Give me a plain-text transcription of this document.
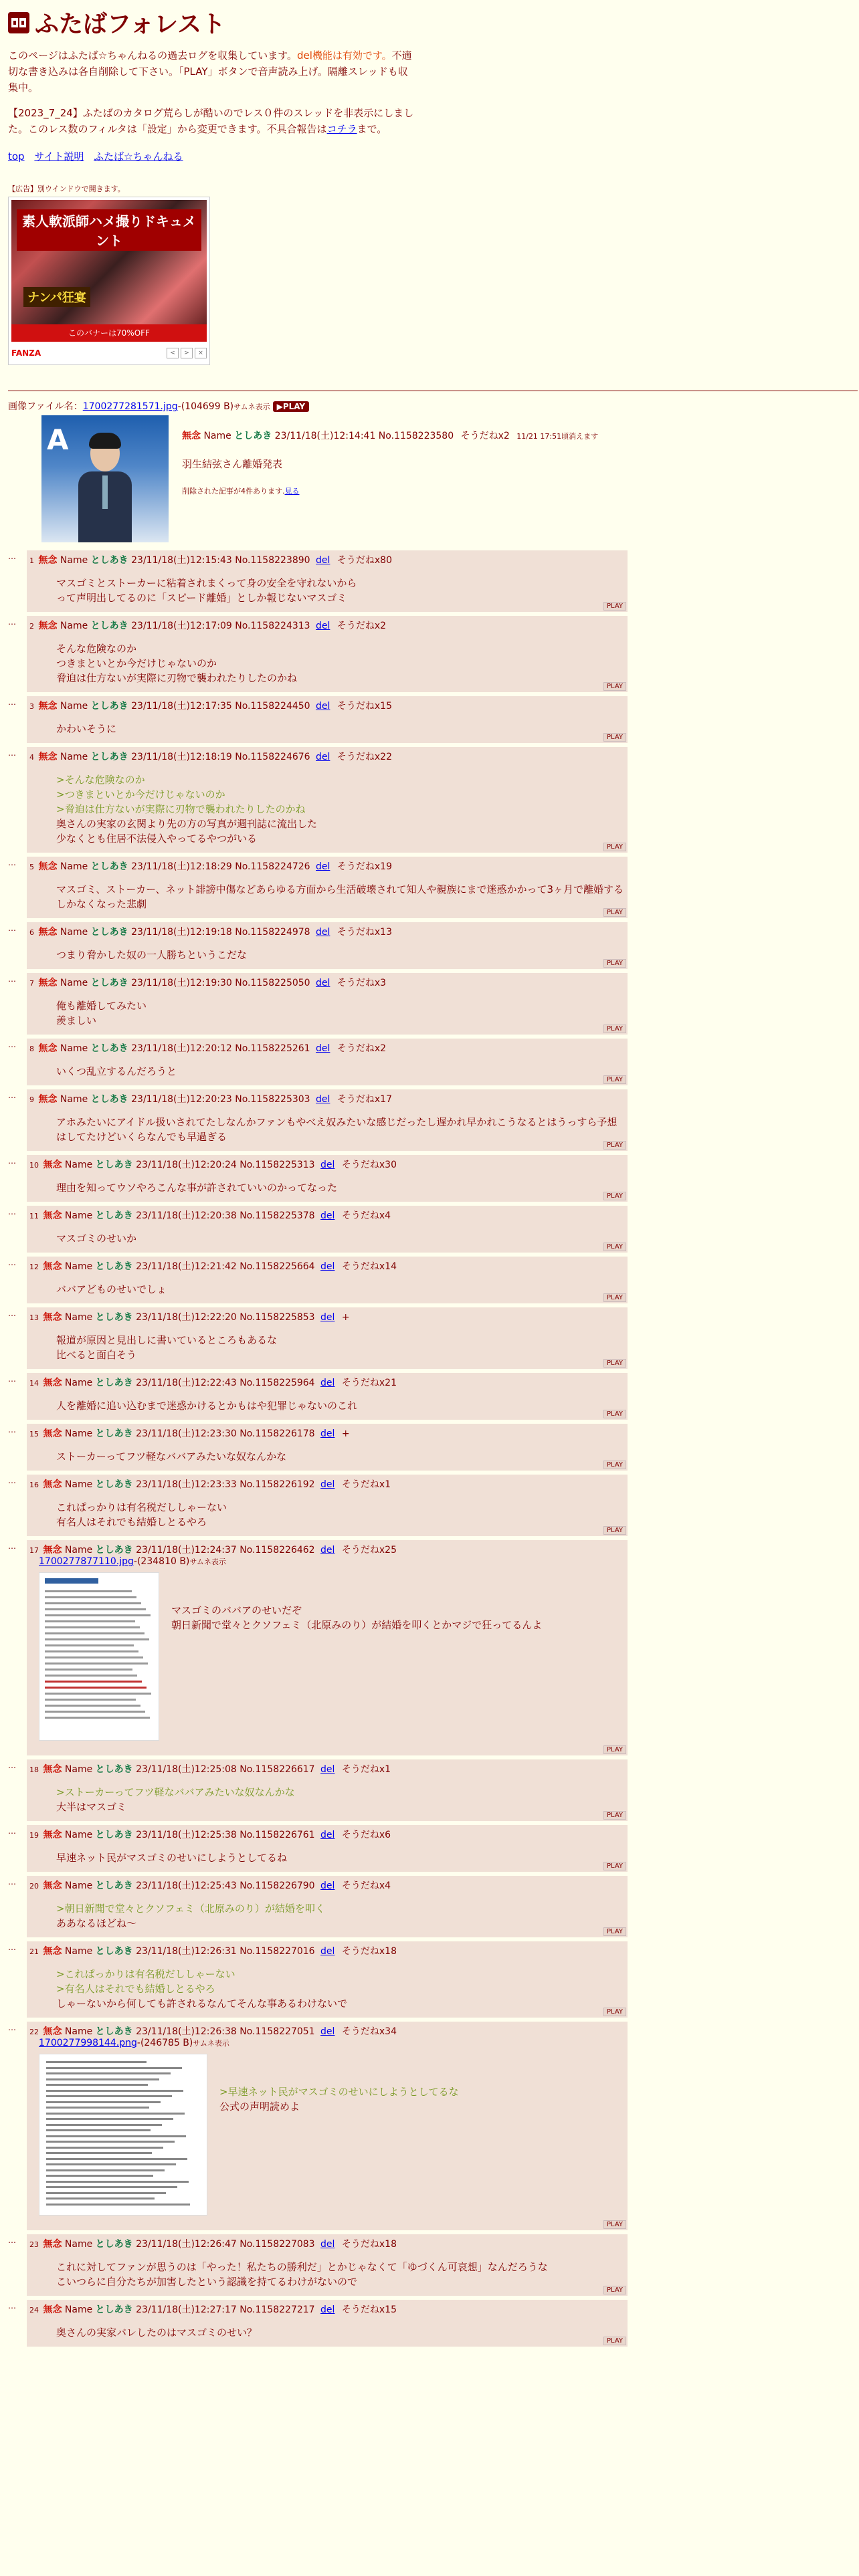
ふたばフォレスト
このページはふたば☆ちゃんねるの過去ログを収集しています。del機能は有効です。不適切な書き込みは各自削除して下さい。「PLAY」ボタンで音声読み上げ。隔離スレッドも収集中。
【2023_7_24】ふたばのカタログ荒らしが酷いのでレス０件のスレッドを非表示にしました。このレス数のフィルタは「設定」から変更できます。不具合報告はコチラまで。
top サイト説明 ふたば☆ちゃんねる
【広告】別ウインドウで開きます。
素人軟派師ハメ撮りドキュメント
ナンパ狂宴
このバナーは70%OFF
FANZA	<	>	×
画像ファイル名：1700277281571.jpg-(104699 B)サムネ表示 ▶PLAY
A	無念 Name としあき 23/11/18(土)12:14:41 No.1158223580 そうだねx2 11/21 17:51頃消えます
羽生結弦さん離婚発表
削除された記事が4件あります.見る
…	1 無念 Name としあき 23/11/18(土)12:15:43 No.1158223890 del そうだねx80
マスゴミとストーカーに粘着されまくって身の安全を守れないから
って声明出してるのに「スピード離婚」としか報じないマスゴミ
PLAY
…	2 無念 Name としあき 23/11/18(土)12:17:09 No.1158224313 del そうだねx2
そんな危険なのか
つきまといとか今だけじゃないのか
脅迫は仕方ないが実際に刃物で襲われたりしたのかね
PLAY
…	3 無念 Name としあき 23/11/18(土)12:17:35 No.1158224450 del そうだねx15
かわいそうに
PLAY
…	4 無念 Name としあき 23/11/18(土)12:18:19 No.1158224676 del そうだねx22
>そんな危険なのか
>つきまといとか今だけじゃないのか
>脅迫は仕方ないが実際に刃物で襲われたりしたのかね
奥さんの実家の玄関より先の方の写真が週刊誌に流出した
少なくとも住居不法侵入やってるやつがいる
PLAY
…	5 無念 Name としあき 23/11/18(土)12:18:29 No.1158224726 del そうだねx19
マスゴミ、ストーカー、ネット誹謗中傷などあらゆる方面から生活破壊されて知人や親族にまで迷惑かかって3ヶ月で離婚するしかなくなった悲劇
PLAY
…	6 無念 Name としあき 23/11/18(土)12:19:18 No.1158224978 del そうだねx13
つまり脅かした奴の一人勝ちというこだな
PLAY
…	7 無念 Name としあき 23/11/18(土)12:19:30 No.1158225050 del そうだねx3
俺も離婚してみたい
羨ましい
PLAY
…	8 無念 Name としあき 23/11/18(土)12:20:12 No.1158225261 del そうだねx2
いくつ乱立するんだろうと
PLAY
…	9 無念 Name としあき 23/11/18(土)12:20:23 No.1158225303 del そうだねx17
アホみたいにアイドル扱いされてたしなんかファンもやべえ奴みたいな感じだったし遅かれ早かれこうなるとはうっすら予想はしてたけどいくらなんでも早過ぎる
PLAY
…	10 無念 Name としあき 23/11/18(土)12:20:24 No.1158225313 del そうだねx30
理由を知ってウソやろこんな事が許されていいのかってなった
PLAY
…	11 無念 Name としあき 23/11/18(土)12:20:38 No.1158225378 del そうだねx4
マスゴミのせいか
PLAY
…	12 無念 Name としあき 23/11/18(土)12:21:42 No.1158225664 del そうだねx14
ババアどものせいでしょ
PLAY
…	13 無念 Name としあき 23/11/18(土)12:22:20 No.1158225853 del +
報道が原因と見出しに書いているところもあるな
比べると面白そう
PLAY
…	14 無念 Name としあき 23/11/18(土)12:22:43 No.1158225964 del そうだねx21
人を離婚に追い込むまで迷惑かけるとかもはや犯罪じゃないのこれ
PLAY
…	15 無念 Name としあき 23/11/18(土)12:23:30 No.1158226178 del +
ストーカーってフツ軽なババアみたいな奴なんかな
PLAY
…	16 無念 Name としあき 23/11/18(土)12:23:33 No.1158226192 del そうだねx1
これぱっかりは有名税だししゃーない
有名人はそれでも結婚しとるやろ
PLAY
…	17 無念 Name としあき 23/11/18(土)12:24:37 No.1158226462 del そうだねx25
1700277877110.jpg-(234810 B)サムネ表示
マスゴミのババアのせいだぞ
朝日新聞で堂々とクソフェミ（北原みのり）が結婚を叩くとかマジで狂ってるんよ
PLAY
…	18 無念 Name としあき 23/11/18(土)12:25:08 No.1158226617 del そうだねx1
>ストーカーってフツ軽なババアみたいな奴なんかな
大半はマスゴミ
PLAY
…	19 無念 Name としあき 23/11/18(土)12:25:38 No.1158226761 del そうだねx6
早速ネット民がマスゴミのせいにしようとしてるね
PLAY
…	20 無念 Name としあき 23/11/18(土)12:25:43 No.1158226790 del そうだねx4
>朝日新聞で堂々とクソフェミ（北原みのり）が結婚を叩く
ああなるほどね～
PLAY
…	21 無念 Name としあき 23/11/18(土)12:26:31 No.1158227016 del そうだねx18
>これぱっかりは有名税だししゃーない
>有名人はそれでも結婚しとるやろ
しゃーないから何しても許されるなんてそんな事あるわけないで
PLAY
…	22 無念 Name としあき 23/11/18(土)12:26:38 No.1158227051 del そうだねx34
1700277998144.png-(246785 B)サムネ表示
>早速ネット民がマスゴミのせいにしようとしてるな
公式の声明読めよ
PLAY
…	23 無念 Name としあき 23/11/18(土)12:26:47 No.1158227083 del そうだねx18
これに対してファンが思うのは「やった！私たちの勝利だ」とかじゃなくて「ゆづくん可哀想」なんだろうな
こいつらに自分たちが加害したという認識を持てるわけがないので
PLAY
…	24 無念 Name としあき 23/11/18(土)12:27:17 No.1158227217 del そうだねx15
奥さんの実家バレしたのはマスゴミのせい？
PLAY
